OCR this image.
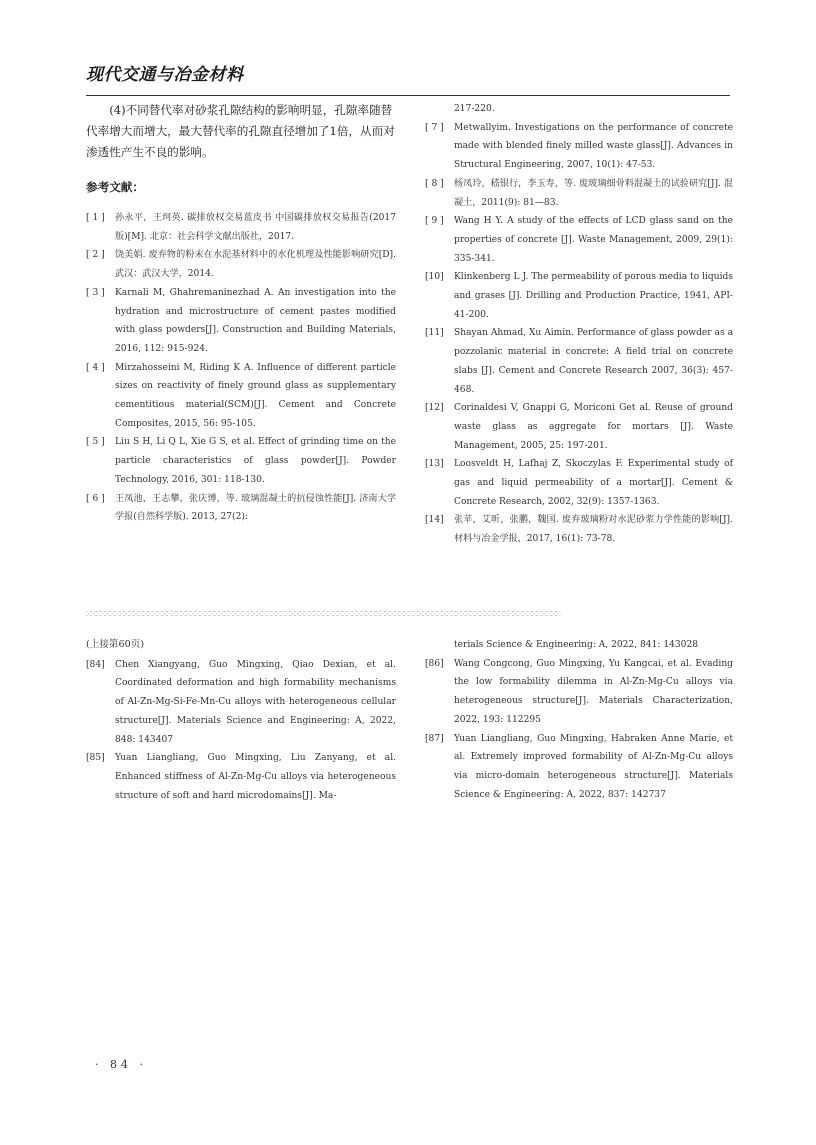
现代交通与冶金材料

(4)不同替代率对砂浆孔隙结构的影响明显，孔隙率随替代率增大而增大，最大替代率的孔隙直径增加了1倍，从而对渗透性产生不良的影响。

参考文献：
[ 1 ]	孙永平，王珂英. 碳排放权交易蓝皮书 中国碳排放权交易报告(2017版)[M]. 北京：社会科学文献出版社，2017.
[ 2 ]	饶美娟. 废弃物的粉末在水泥基材料中的水化机理及性能影响研究[D]. 武汉：武汉大学，2014.
[ 3 ]	Karnali M, Ghahremaninezhad A. An investigation into the hydration and microstructure of cement pastes modified with glass powders[J]. Construction and Building Materials, 2016, 112: 915-924.
[ 4 ]	Mirzahosseini M, Riding K A. Influence of different particle sizes on reactivity of finely ground glass as supplementary cementitious material(SCM)[J]. Cement and Concrete Composites, 2015, 56: 95-105.
[ 5 ]	Liu S H, Li Q L, Xie G S, et al. Effect of grinding time on the particle characteristics of glass powder[J]. Powder Technology, 2016, 301: 118-130.
[ 6 ]	王凤池，王志攀，张庆博，等. 玻璃混凝土的抗侵蚀性能[J]. 济南大学学报(自然科学版). 2013, 27(2):

217-220.

[ 7 ]	Metwallyim. Investigations on the performance of concrete made with blended finely milled waste glass[J]. Advances in Structural Engineering, 2007, 10(1): 47-53.
[ 8 ]	杨凤玲，嵇银行，李玉寿，等. 废玻璃细骨料混凝土的试验研究[J]. 混凝土，2011(9): 81—83.
[ 9 ]	Wang H Y. A study of the effects of LCD glass sand on the properties of concrete [J]. Waste Management, 2009, 29(1): 335-341.
[10]	Klinkenberg L J. The permeability of porous media to liquids and grases [J]. Drilling and Production Practice, 1941, API-41-200.
[11]	Shayan Ahmad, Xu Aimin. Performance of glass powder as a pozzolanic material in concrete: A field trial on concrete slabs [J]. Cement and Concrete Research 2007, 36(3): 457-468.
[12]	Corinaldesi V, Gnappi G, Moriconi Get al. Reuse of ground waste glass as aggregate for mortars [J]. Waste Management, 2005, 25: 197-201.
[13]	Loosveldt H, Lafhaj Z, Skoczylas F. Experimental study of gas and liquid permeability of a mortar[J]. Cement & Concrete Research, 2002, 32(9): 1357-1363.
[14]	张苹，艾昕，张鹏，魏国. 废弃玻璃粉对水泥砂浆力学性能的影响[J]. 材料与冶金学报，2017, 16(1): 73-78.
ⵘⵘⵘⵘⵘⵘⵘⵘⵘⵘⵘⵘⵘⵘⵘⵘⵘⵘⵘⵘⵘⵘⵘⵘⵘⵘⵘⵘⵘⵘⵘⵘⵘⵘⵘⵘⵘⵘⵘⵘⵘⵘⵘⵘⵘⵘⵘⵘⵘⵘⵘⵘⵘⵘⵘⵘⵘⵘⵘⵘⵘⵘⵘⵘⵘⵘⵘⵘⵘⵘⵘⵘⵘⵘⵘⵘⵘⵘⵘⵘⵘⵘⵘⵘⵘⵘⵘⵘⵘⵘⵘⵘⵘⵘⵘⵘⵘⵘⵘⵘ

(上接第60页)

[84]	Chen Xiangyang, Guo Mingxing, Qiao Dexian, et al. Coordinated deformation and high formability mechanisms of Al-Zn-Mg-Si-Fe-Mn-Cu alloys with heterogeneous cellular structure[J]. Materials Science and Engineering: A, 2022, 848: 143407
[85]	Yuan Liangliang, Guo Mingxing, Liu Zanyang, et al. Enhanced stiffness of Al-Zn-Mg-Cu alloys via heterogeneous structure of soft and hard microdomains[J]. Ma-

terials Science & Engineering: A, 2022, 841: 143028

[86]	Wang Congcong, Guo Mingxing, Yu Kangcai, et al. Evading the low formability dilemma in Al-Zn-Mg-Cu alloys via heterogeneous structure[J]. Materials Characterization, 2022, 193: 112295
[87]	Yuan Liangliang, Guo Mingxing, Habraken Anne Marie, et al. Extremely improved formability of Al-Zn-Mg-Cu alloys via micro-domain heterogeneous structure[J]. Materials Science & Engineering: A, 2022, 837: 142737
· 84 ·
